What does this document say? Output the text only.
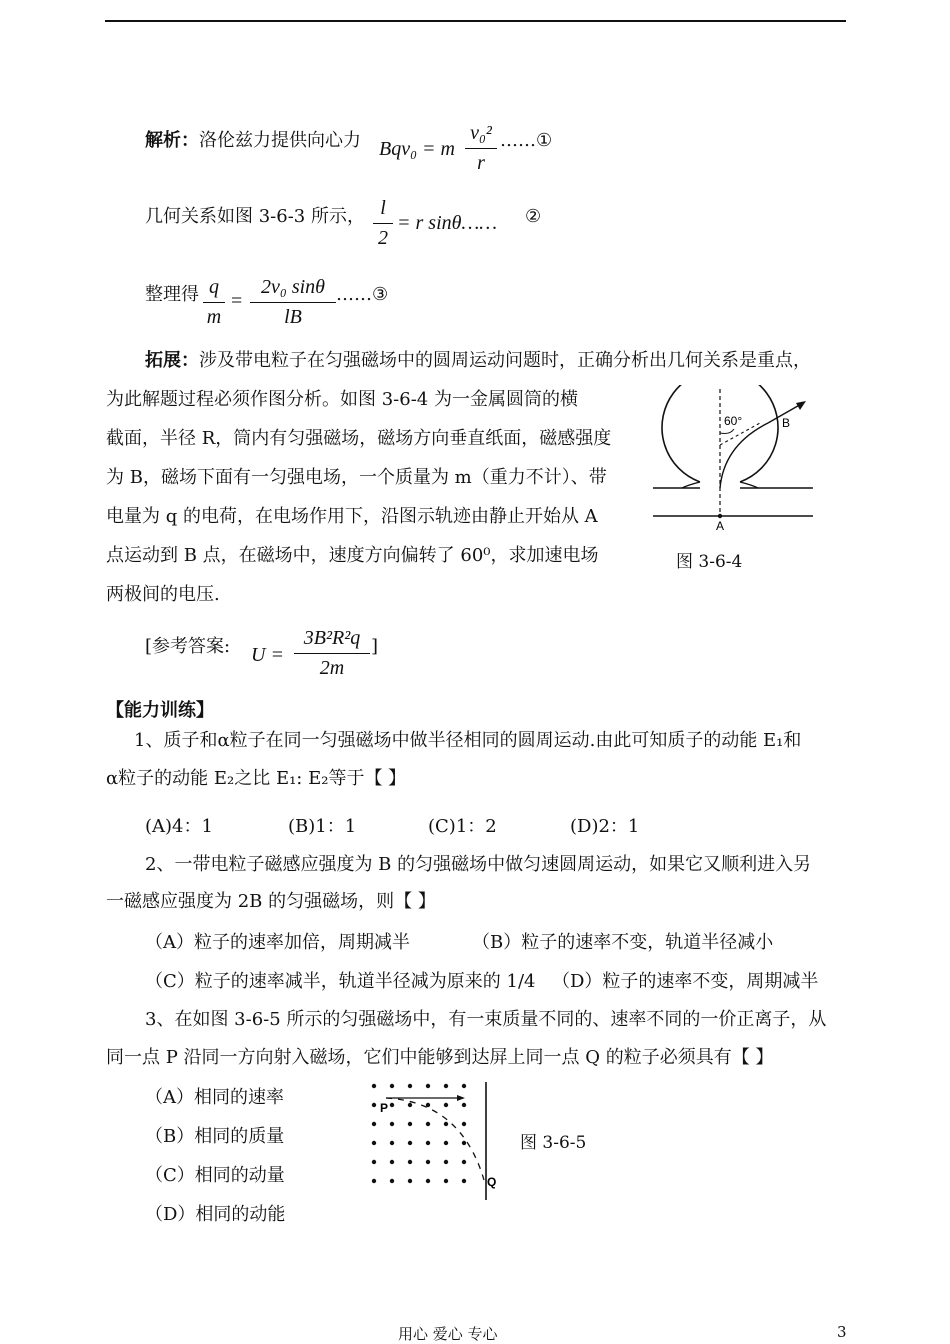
解析：洛伦兹力提供向心力 Bqv₀ = m
v₀²
r
……①
几何关系如图 3-6-3 所示， l
2
= r sinθ…… ②
整理得 q
m
=
2v₀ sinθ
lB
……③
拓展：涉及带电粒子在匀强磁场中的圆周运动问题时，正确分析出几何关系是重点，
为此解题过程必须作图分析。如图 3-6-4 为一金属圆筒的横
截面，半径 R，筒内有匀强磁场，磁场方向垂直纸面，磁感强度
为 B，磁场下面有一匀强电场，一个质量为 m（重力不计）、带
电量为 q 的电荷，在电场作用下，沿图示轨迹由静止开始从 A
点运动到 B 点，在磁场中，速度方向偏转了 60⁰，求加速电场
两极间的电压.
60°	B
A
图 3-6-4
[参考答案: U =
3B²R²q
2m
]
【能力训练】
1、质子和α粒子在同一匀强磁场中做半径相同的圆周运动.由此可知质子的动能 E₁和
α粒子的动能 E₂之比 E₁: E₂等于【 】
(A)4：1	(B)1：1	(C)1：2	(D)2：1
2、一带电粒子磁感应强度为 B 的匀强磁场中做匀速圆周运动，如果它又顺利进入另
一磁感应强度为 2B 的匀强磁场，则【 】
（A）粒子的速率加倍，周期减半	（B）粒子的速率不变，轨道半径减小
（C）粒子的速率减半，轨道半径减为原来的 1/4 （D）粒子的速率不变，周期减半
3、在如图 3-6-5 所示的匀强磁场中，有一束质量不同的、速率不同的一价正离子，从
同一点 P 沿同一方向射入磁场，它们中能够到达屏上同一点 Q 的粒子必须具有【 】
（A）相同的速率
（B）相同的质量
（C）相同的动量
（D）相同的动能
P
Q
图 3-6-5
用心 爱心 专心	3
